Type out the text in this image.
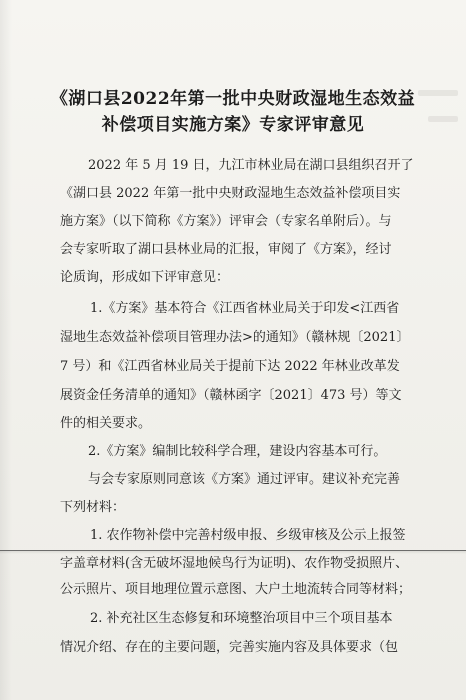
《湖口县2022年第一批中央财政湿地生态效益
补偿项目实施方案》专家评审意见
2022 年 5 月 19 日，九江市林业局在湖口县组织召开了
《湖口县 2022 年第一批中央财政湿地生态效益补偿项目实
施方案》（以下简称《方案》）评审会（专家名单附后）。与
会专家听取了湖口县林业局的汇报，审阅了《方案》，经讨
论质询，形成如下评审意见：
1.《方案》基本符合《江西省林业局关于印发<江西省
湿地生态效益补偿项目管理办法>的通知》（赣林规〔2021〕
7 号）和《江西省林业局关于提前下达 2022 年林业改革发
展资金任务清单的通知》（赣林函字〔2021〕473 号）等文
件的相关要求。
2.《方案》编制比较科学合理，建设内容基本可行。
与会专家原则同意该《方案》通过评审。建议补充完善
下列材料：
1. 农作物补偿中完善村级申报、乡级审核及公示上报签
字盖章材料(含无破坏湿地候鸟行为证明)、农作物受损照片、
公示照片、项目地理位置示意图、大户土地流转合同等材料；
2. 补充社区生态修复和环境整治项目中三个项目基本
情况介绍、存在的主要问题，完善实施内容及具体要求（包
